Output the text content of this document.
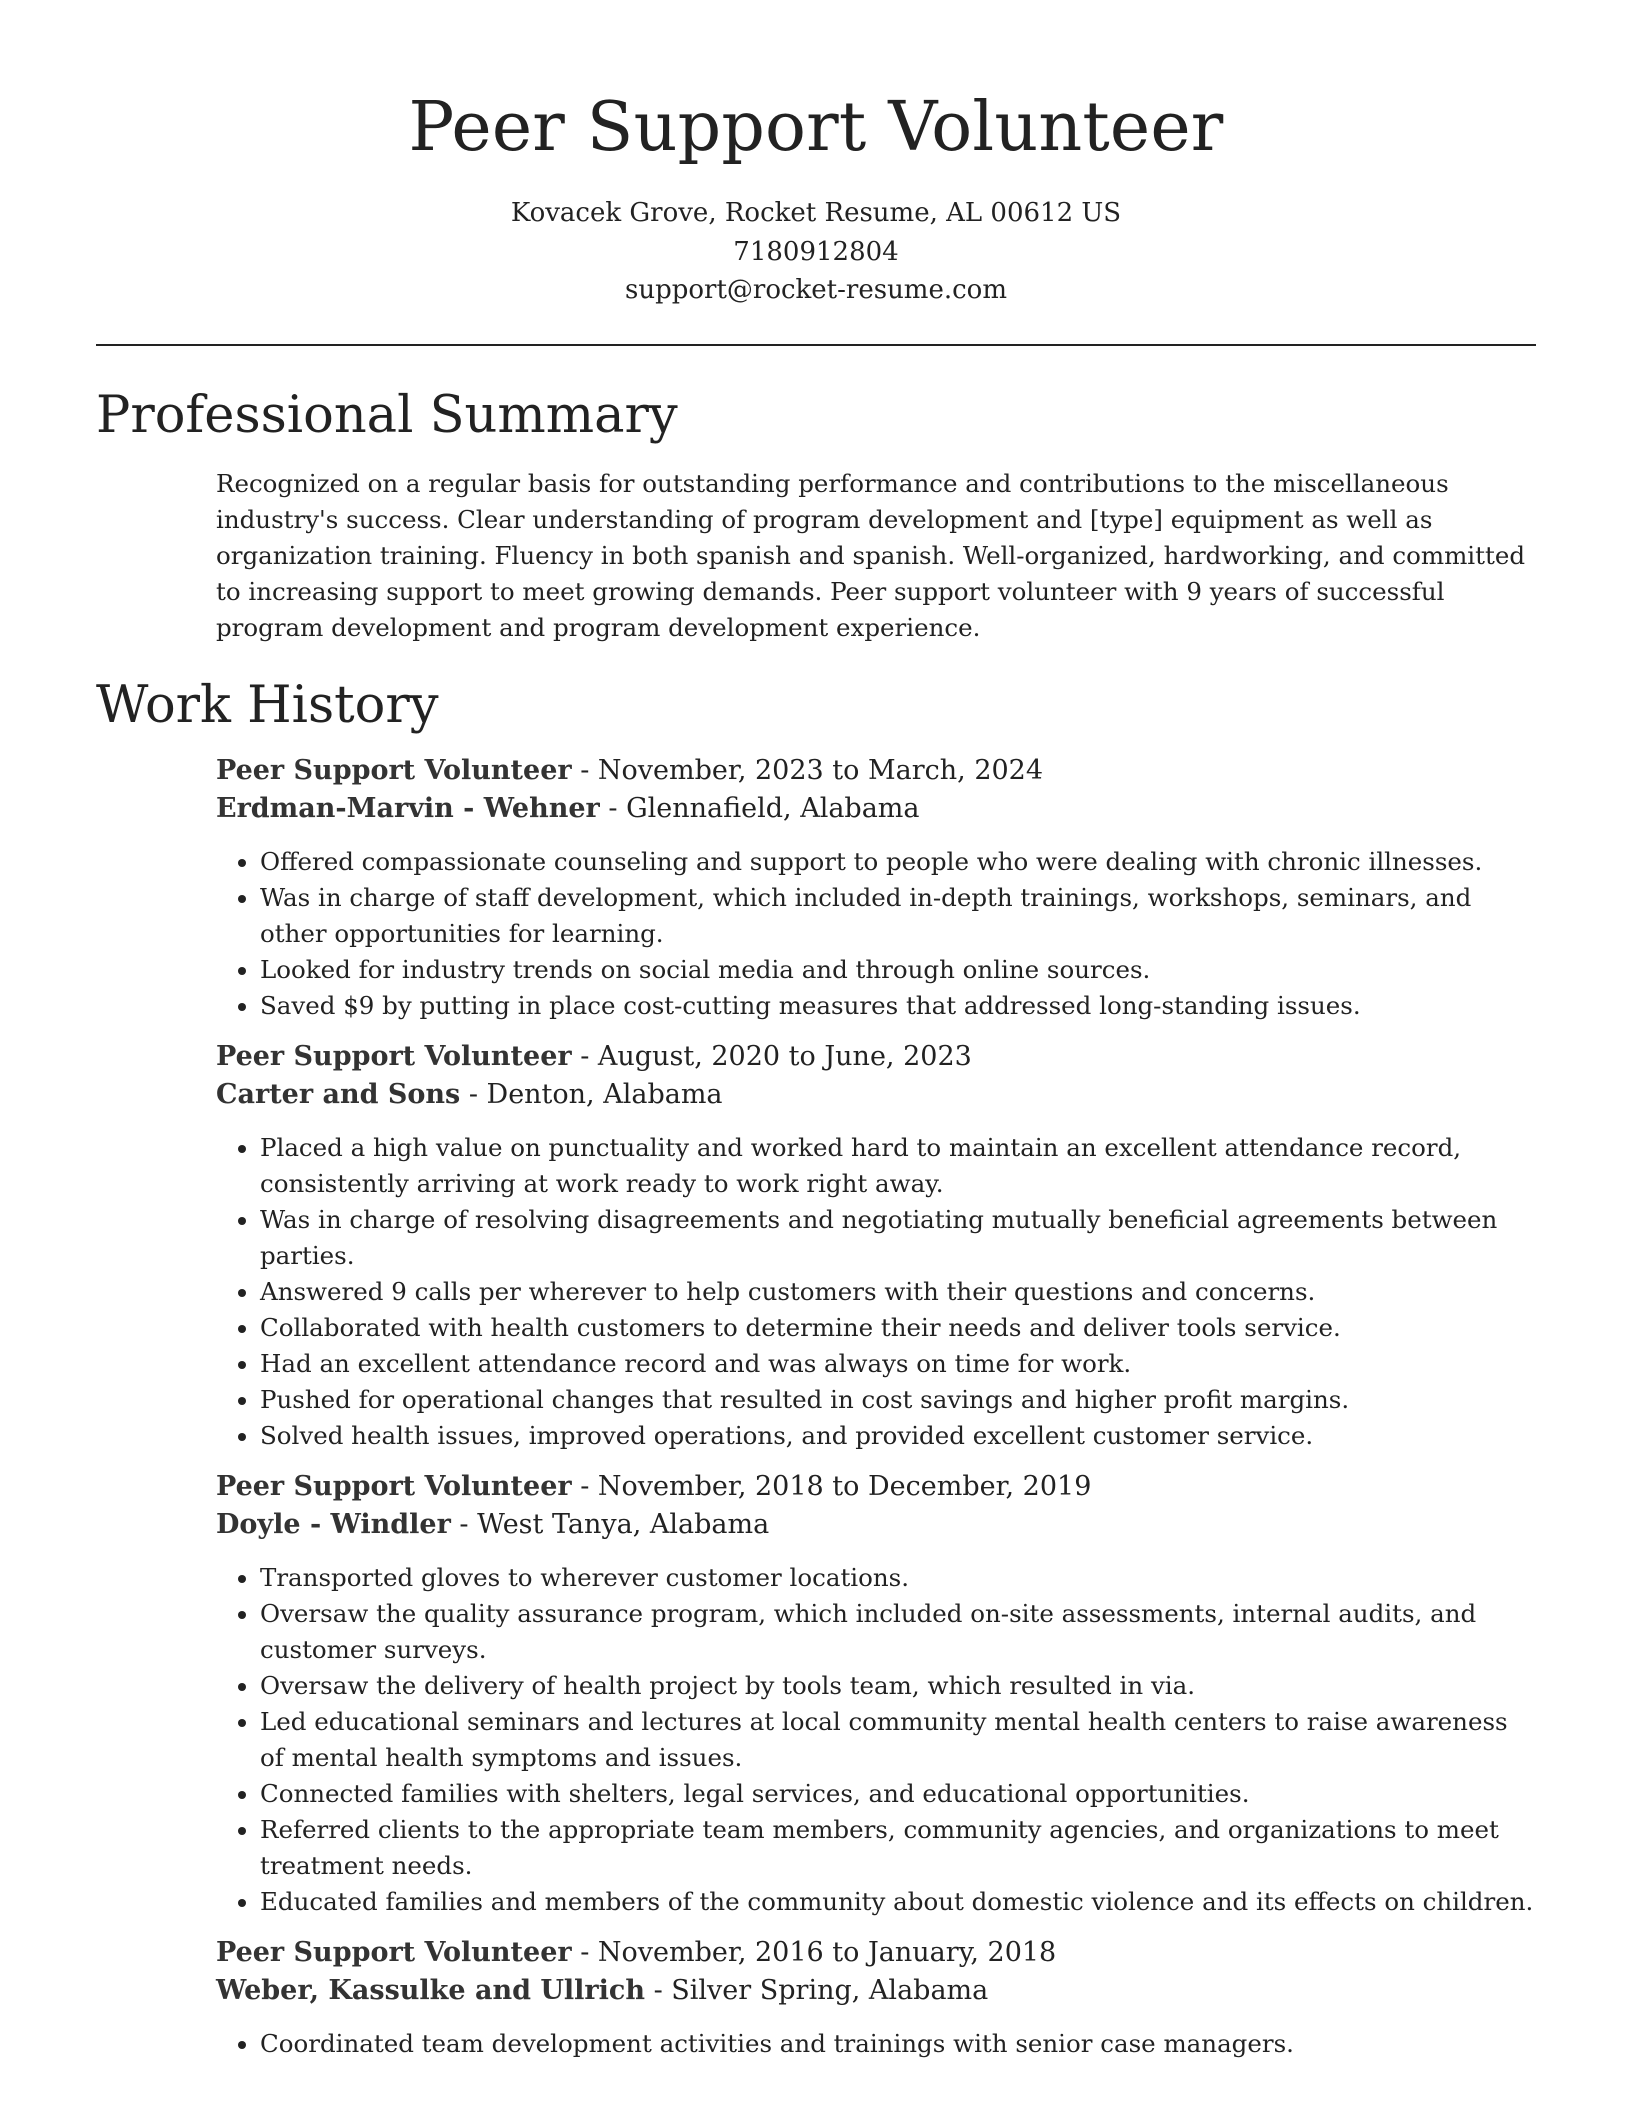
Peer Support Volunteer
Kovacek Grove, Rocket Resume, AL 00612 US
7180912804
support@rocket-resume.com
Professional Summary
Recognized on a regular basis for outstanding performance and contributions to the miscellaneous industry's success. Clear understanding of program development and [type] equipment as well as organization training. Fluency in both spanish and spanish. Well-organized, hardworking, and committed to increasing support to meet growing demands. Peer support volunteer with 9 years of successful program development and program development experience.
Work History
Peer Support Volunteer - November, 2023 to March, 2024
Erdman-Marvin - Wehner - Glennafield, Alabama
• Offered compassionate counseling and support to people who were dealing with chronic illnesses.
• Was in charge of staff development, which included in-depth trainings, workshops, seminars, and other opportunities for learning.
• Looked for industry trends on social media and through online sources.
• Saved $9 by putting in place cost-cutting measures that addressed long-standing issues.
Peer Support Volunteer - August, 2020 to June, 2023
Carter and Sons - Denton, Alabama
• Placed a high value on punctuality and worked hard to maintain an excellent attendance record, consistently arriving at work ready to work right away.
• Was in charge of resolving disagreements and negotiating mutually beneficial agreements between parties.
• Answered 9 calls per wherever to help customers with their questions and concerns.
• Collaborated with health customers to determine their needs and deliver tools service.
• Had an excellent attendance record and was always on time for work.
• Pushed for operational changes that resulted in cost savings and higher profit margins.
• Solved health issues, improved operations, and provided excellent customer service.
Peer Support Volunteer - November, 2018 to December, 2019
Doyle - Windler - West Tanya, Alabama
• Transported gloves to wherever customer locations.
• Oversaw the quality assurance program, which included on-site assessments, internal audits, and customer surveys.
• Oversaw the delivery of health project by tools team, which resulted in via.
• Led educational seminars and lectures at local community mental health centers to raise awareness of mental health symptoms and issues.
• Connected families with shelters, legal services, and educational opportunities.
• Referred clients to the appropriate team members, community agencies, and organizations to meet treatment needs.
• Educated families and members of the community about domestic violence and its effects on children.
Peer Support Volunteer - November, 2016 to January, 2018
Weber, Kassulke and Ullrich - Silver Spring, Alabama
• Coordinated team development activities and trainings with senior case managers.
